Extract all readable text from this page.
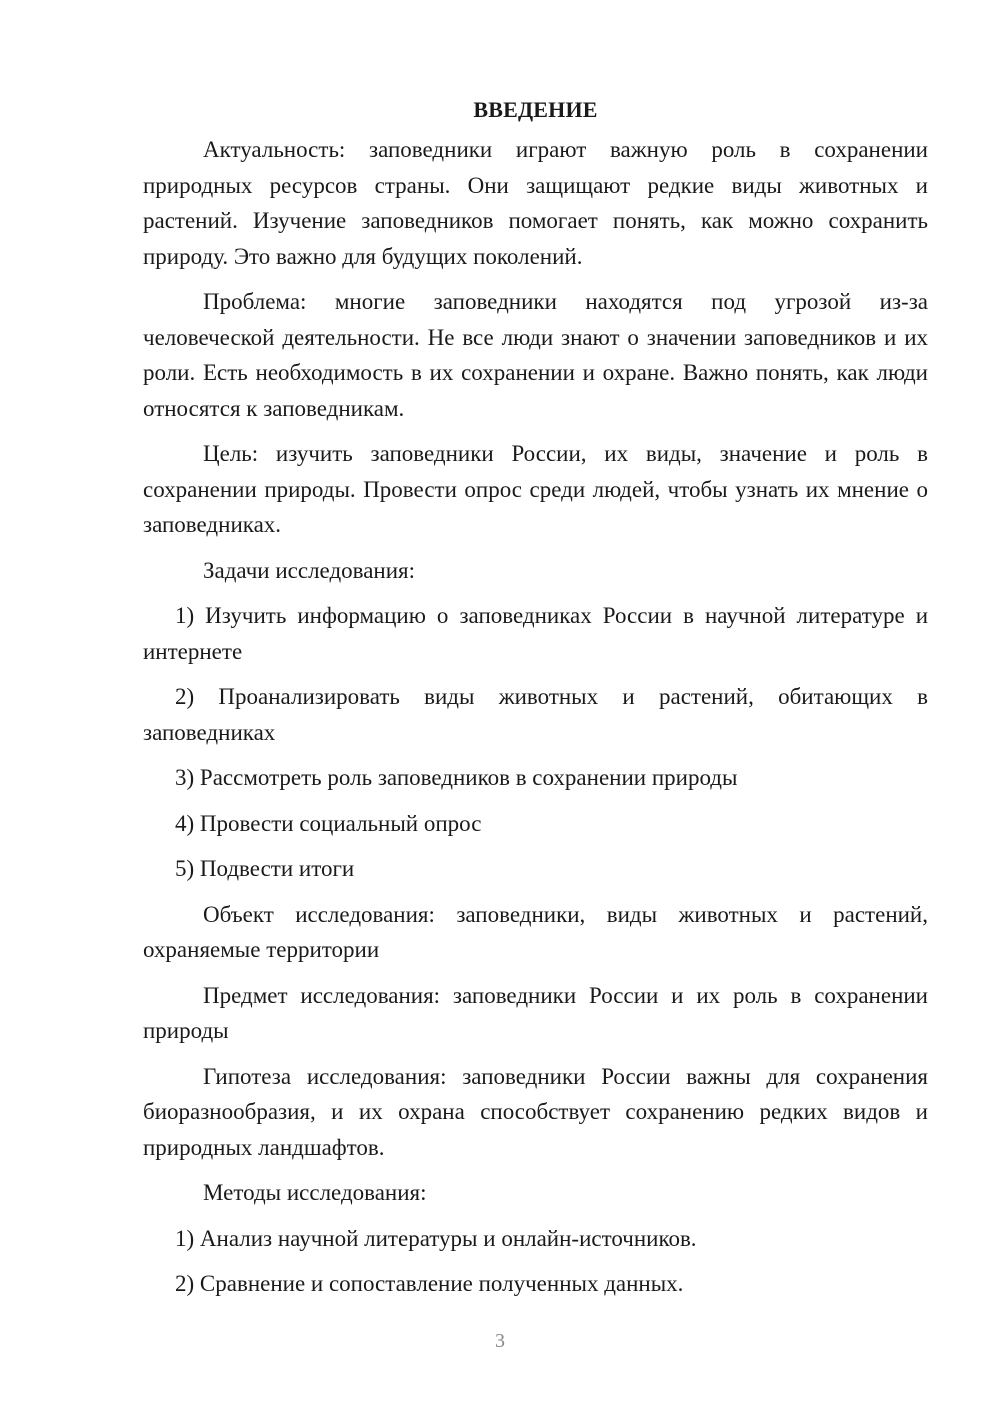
ВВЕДЕНИЕ

Актуальность: заповедники играют важную роль в сохранении природных ресурсов страны. Они защищают редкие виды животных и растений. Изучение заповедников помогает понять, как можно сохранить природу. Это важно для будущих поколений.

Проблема: многие заповедники находятся под угрозой из-за человеческой деятельности. Не все люди знают о значении заповедников и их роли. Есть необходимость в их сохранении и охране. Важно понять, как люди относятся к заповедникам.

Цель: изучить заповедники России, их виды, значение и роль в сохранении природы. Провести опрос среди людей, чтобы узнать их мнение о заповедниках.

Задачи исследования:

1) Изучить информацию о заповедниках России в научной литературе и интернете

2) Проанализировать виды животных и растений, обитающих в заповедниках

3) Рассмотреть роль заповедников в сохранении природы

4) Провести социальный опрос

5) Подвести итоги

Объект исследования: заповедники, виды животных и растений, охраняемые территории

Предмет исследования: заповедники России и их роль в сохранении природы

Гипотеза исследования: заповедники России важны для сохранения биоразнообразия, и их охрана способствует сохранению редких видов и природных ландшафтов.

Методы исследования:

1) Анализ научной литературы и онлайн-источников.

2) Сравнение и сопоставление полученных данных.

3
